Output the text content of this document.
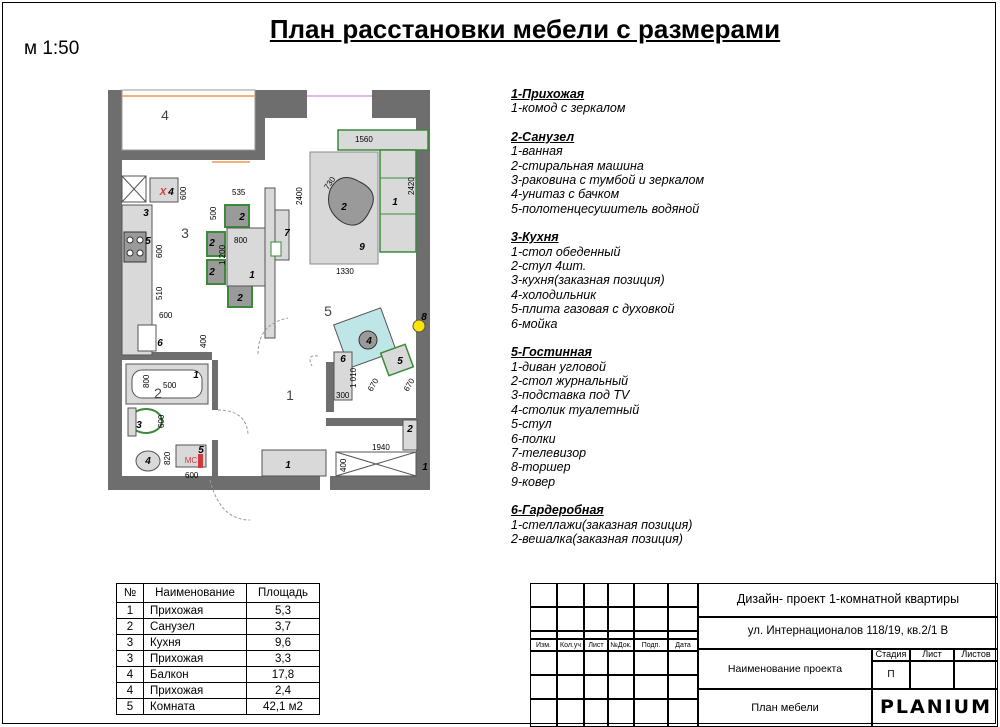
План расстановки мебели с размерами
м 1:50
4
3
2	1
5
X 4
3
5
6
2
2
2
2
1
7
1
2
9
4
5
6
8
1
3
4
5
1	1
2
МС
535
500
800
1 200
600
600
510
600
400
2400
1560
2420
730
1330
1 010 670	670
300
800 500
600
820
600
1940
400
1-Прихожая
1-комод с зеркалом
2-Санузел
1-ванная
2-стиральная машина
3-раковина с тумбой и зеркалом
4-унитаз с бачком
5-полотенцесушитель водяной
3-Кухня
1-стол обеденный
2-стул 4шт.
3-кухня(заказная позиция)
4-холодильник
5-плита газовая с духовкой
6-мойка
5-Гостинная
1-диван угловой
2-стол журнальный
3-подставка под TV
4-столик туалетный
5-стул
6-полки
7-телевизор
8-торшер
9-ковер
6-Гардеробная
1-стеллажи(заказная позиция)
2-вешалка(заказная позиция)
№	Наименование	Площадь
1	Прихожая	5,3
2	Санузел	3,7
3	Кухня	9,6
3	Прихожая	3,3
4	Балкон	17,8
4	Прихожая	2,4
5	Комната	42,1 м2
Изм.	Кол.уч	Лист №Док.	Подп.	Дата
Дизайн- проект 1-комнатной квартиры
ул. Интернационалов 118/19, кв.2/1 В
Наименование проекта
Стадия	Лист	Листов
П
План мебели	PLANIUM
